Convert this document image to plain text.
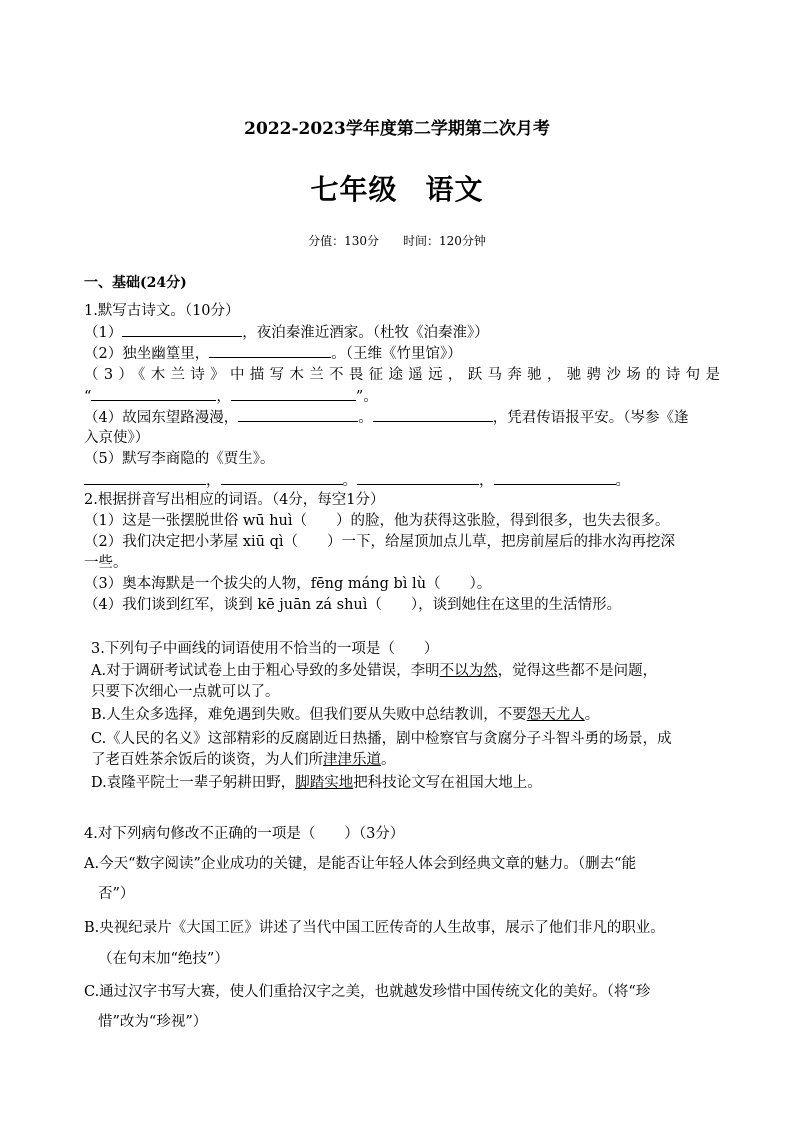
2022-2023学年度第二学期第二次月考
七年级 语文
分值：130分 时间：120分钟
一、基础(24分)
1.默写古诗文。（10分）
（1）	，夜泊秦淮近酒家。（杜牧《泊秦淮》）
（2）独坐幽篁里，	。（王维《竹里馆》）
（3）《木兰诗》中描写木兰不畏征途遥远，跃马奔驰，驰骋沙场的诗句是
“	，	”。
（4）故园东望路漫漫，	。	，凭君传语报平安。（岑参《逢
入京使》）
（5）默写李商隐的《贾生》。
，	。	，	。
2.根据拼音写出相应的词语。（4分，每空1分）
（1）这是一张摆脱世俗 wū huì（　　）的脸，他为获得这张脸，得到很多，也失去很多。
（2）我们决定把小茅屋 xiū qì（　　）一下，给屋顶加点儿草，把房前屋后的排水沟再挖深
一些。
（3）奥本海默是一个拔尖的人物，fēng máng bì lù（　　）。
（4）我们谈到红军，谈到 kē juān zá shuì（　　），谈到她住在这里的生活情形。
3.下列句子中画线的词语使用不恰当的一项是（　　）
A.对于调研考试试卷上由于粗心导致的多处错误，李明不以为然，觉得这些都不是问题，
只要下次细心一点就可以了。
B.人生众多选择，难免遇到失败。但我们要从失败中总结教训，不要怨天尤人。
C.《人民的名义》这部精彩的反腐剧近日热播，剧中检察官与贪腐分子斗智斗勇的场景，成
了老百姓茶余饭后的谈资，为人们所津津乐道。
D.袁隆平院士一辈子躬耕田野，脚踏实地把科技论文写在祖国大地上。
4.对下列病句修改不正确的一项是（　　）（3分）
A.今天“数字阅读”企业成功的关键，是能否让年轻人体会到经典文章的魅力。（删去“能
否”）
B.央视纪录片《大国工匠》讲述了当代中国工匠传奇的人生故事，展示了他们非凡的职业。
（在句末加“绝技”）
C.通过汉字书写大赛，使人们重拾汉字之美，也就越发珍惜中国传统文化的美好。（将“珍
惜”改为“珍视”）
